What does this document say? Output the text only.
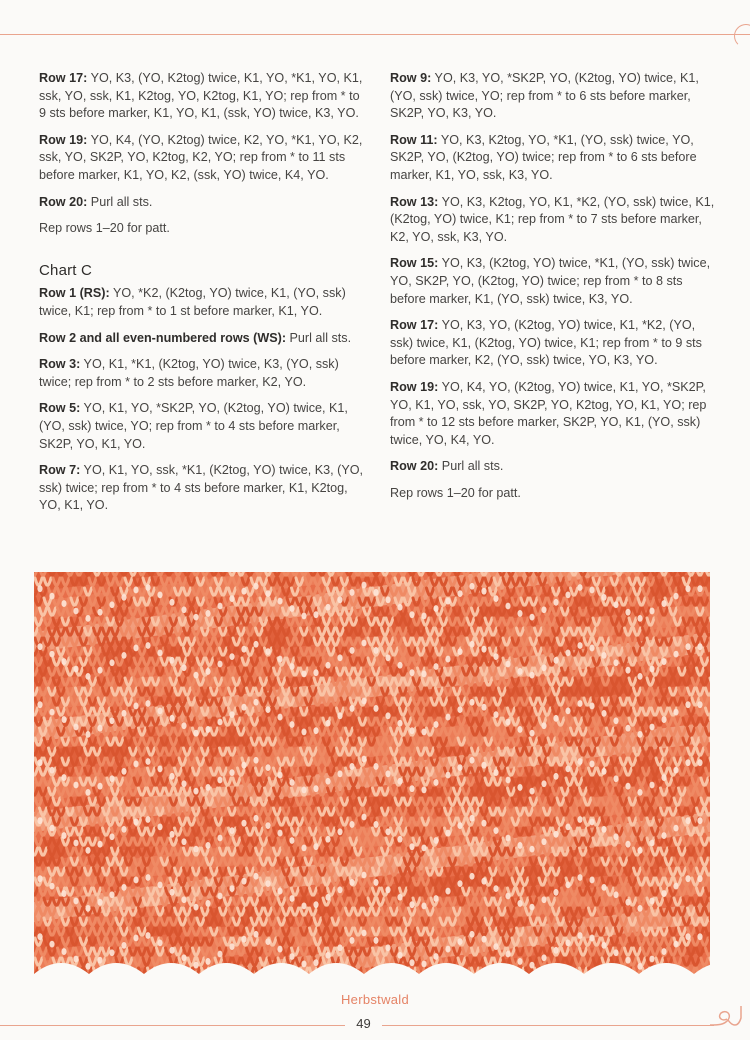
Row 17: YO, K3, (YO, K2tog) twice, K1, YO, *K1, YO, K1, ssk, YO, ssk, K1, K2tog, YO, K2tog, K1, YO; rep from * to 9 sts before marker, K1, YO, K1, (ssk, YO) twice, K3, YO.

Row 19: YO, K4, (YO, K2tog) twice, K2, YO, *K1, YO, K2, ssk, YO, SK2P, YO, K2tog, K2, YO; rep from * to 11 sts before marker, K1, YO, K2, (ssk, YO) twice, K4, YO.

Row 20: Purl all sts.

Rep rows 1–20 for patt.

Chart C

Row 1 (RS): YO, *K2, (K2tog, YO) twice, K1, (YO, ssk) twice, K1; rep from * to 1 st before marker, K1, YO.

Row 2 and all even-numbered rows (WS): Purl all sts.

Row 3: YO, K1, *K1, (K2tog, YO) twice, K3, (YO, ssk) twice; rep from * to 2 sts before marker, K2, YO.

Row 5: YO, K1, YO, *SK2P, YO, (K2tog, YO) twice, K1, (YO, ssk) twice, YO; rep from * to 4 sts before marker, SK2P, YO, K1, YO.

Row 7: YO, K1, YO, ssk, *K1, (K2tog, YO) twice, K3, (YO, ssk) twice; rep from * to 4 sts before marker, K1, K2tog, YO, K1, YO.

Row 9: YO, K3, YO, *SK2P, YO, (K2tog, YO) twice, K1, (YO, ssk) twice, YO; rep from * to 6 sts before marker, SK2P, YO, K3, YO.

Row 11: YO, K3, K2tog, YO, *K1, (YO, ssk) twice, YO, SK2P, YO, (K2tog, YO) twice; rep from * to 6 sts before marker, K1, YO, ssk, K3, YO.

Row 13: YO, K3, K2tog, YO, K1, *K2, (YO, ssk) twice, K1, (K2tog, YO) twice, K1; rep from * to 7 sts before marker, K2, YO, ssk, K3, YO.

Row 15: YO, K3, (K2tog, YO) twice, *K1, (YO, ssk) twice, YO, SK2P, YO, (K2tog, YO) twice; rep from * to 8 sts before marker, K1, (YO, ssk) twice, K3, YO.

Row 17: YO, K3, YO, (K2tog, YO) twice, K1, *K2, (YO, ssk) twice, K1, (K2tog, YO) twice, K1; rep from * to 9 sts before marker, K2, (YO, ssk) twice, YO, K3, YO.

Row 19: YO, K4, YO, (K2tog, YO) twice, K1, YO, *SK2P, YO, K1, YO, ssk, YO, SK2P, YO, K2tog, YO, K1, YO; rep from * to 12 sts before marker, SK2P, YO, K1, (YO, ssk) twice, YO, K4, YO.

Row 20: Purl all sts.

Rep rows 1–20 for patt.

Herbstwald
49
